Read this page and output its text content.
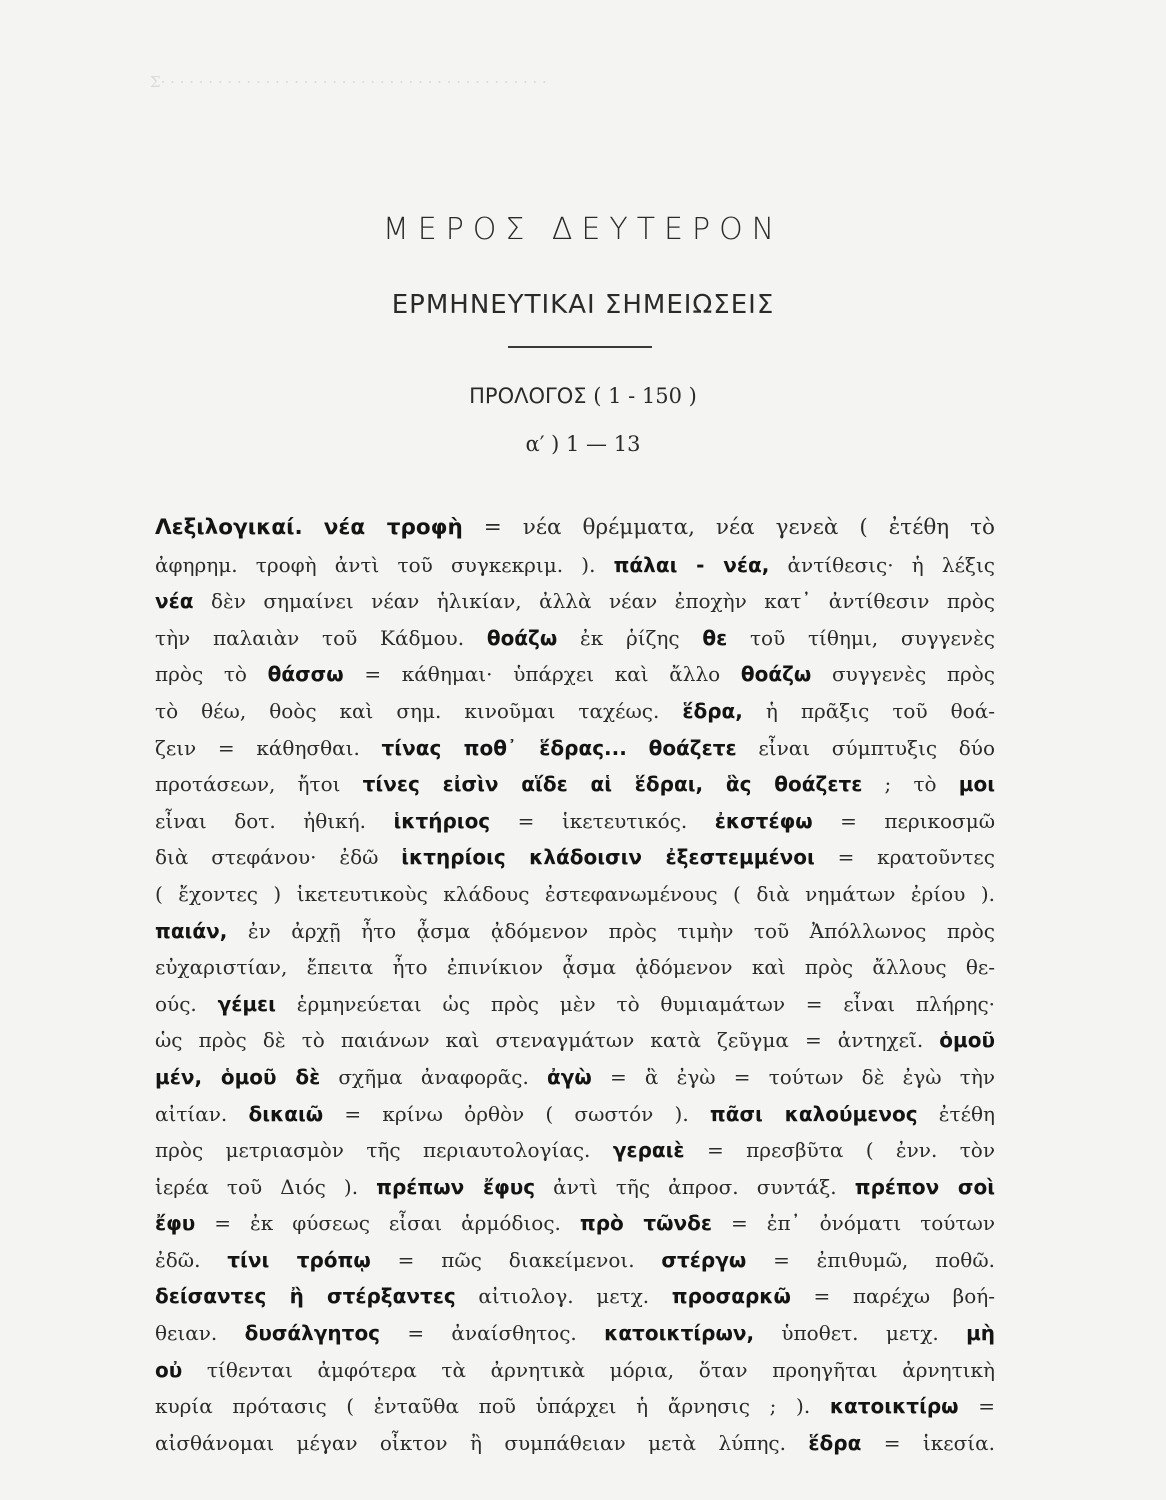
Σ· · · · · · · · · · · · · · · · · · · · · · · · · · · · · · · · · · · · · · · · ·
ΜΕΡΟΣ ΔΕΥΤΕΡΟΝ
ΕΡΜΗΝΕΥΤΙΚΑΙ ΣΗΜΕΙΩΣΕΙΣ
ΠΡΟΛΟΓΟΣ ( 1 - 150 )
α′ ) 1 — 13
Λεξιλογικαί. νέα τροφὴ = νέα θρέμματα, νέα γενεὰ ( ἐτέθη τὸ
ἀφηρημ. τροφὴ ἀντὶ τοῦ συγκεκριμ. ). πάλαι - νέα, ἀντίθεσις· ἡ λέξις
νέα δὲν σημαίνει νέαν ἡλικίαν, ἀλλὰ νέαν ἐποχὴν κατ᾿ ἀντίθεσιν πρὸς
τὴν παλαιὰν τοῦ Κάδμου. θοάζω ἐκ ῥίζης θε τοῦ τίθημι, συγγενὲς
πρὸς τὸ θάσσω = κάθημαι· ὑπάρχει καὶ ἄλλο θοάζω συγγενὲς πρὸς
τὸ θέω, θοὸς καὶ σημ. κινοῦμαι ταχέως. ἕδρα, ἡ πρᾶξις τοῦ θοά-
ζειν = κάθησθαι. τίνας ποθ᾿ ἕδρας... θοάζετε εἶναι σύμπτυξις δύο
προτάσεων, ἤτοι τίνες εἰσὶν αἵδε αἱ ἕδραι, ἃς θοάζετε ; τὸ μοι
εἶναι δοτ. ἠθική. ἱκτήριος = ἱκετευτικός. ἐκστέφω = περικοσμῶ
διὰ στεφάνου· ἐδῶ ἱκτηρίοις κλάδοισιν ἐξεστεμμένοι = κρατοῦντες
( ἔχοντες ) ἱκετευτικοὺς κλάδους ἐστεφανωμένους ( διὰ νημάτων ἐρίου ).
παιάν, ἐν ἀρχῇ ἦτο ᾆσμα ᾀδόμενον πρὸς τιμὴν τοῦ Ἀπόλλωνος πρὸς
εὐχαριστίαν, ἔπειτα ἦτο ἐπινίκιον ᾆσμα ᾀδόμενον καὶ πρὸς ἄλλους θε-
ούς. γέμει ἑρμηνεύεται ὡς πρὸς μὲν τὸ θυμιαμάτων = εἶναι πλήρης·
ὡς πρὸς δὲ τὸ παιάνων καὶ στεναγμάτων κατὰ ζεῦγμα = ἀντηχεῖ. ὁμοῦ
μέν, ὁμοῦ δὲ σχῆμα ἀναφορᾶς. ἀγὼ = ἃ ἐγὼ = τούτων δὲ ἐγὼ τὴν
αἰτίαν. δικαιῶ = κρίνω ὀρθὸν ( σωστόν ). πᾶσι καλούμενος ἐτέθη
πρὸς μετριασμὸν τῆς περιαυτολογίας. γεραιὲ = πρεσβῦτα ( ἐνν. τὸν
ἱερέα τοῦ Διός ). πρέπων ἔφυς ἀντὶ τῆς ἀπροσ. συντάξ. πρέπον σοὶ
ἔφυ = ἐκ φύσεως εἶσαι ἁρμόδιος. πρὸ τῶνδε = ἐπ᾿ ὀνόματι τούτων
ἐδῶ. τίνι τρόπῳ = πῶς διακείμενοι. στέργω = ἐπιθυμῶ, ποθῶ.
δείσαντες ἢ στέρξαντες αἰτιολογ. μετχ. προσαρκῶ = παρέχω βοή-
θειαν. δυσάλγητος = ἀναίσθητος. κατοικτίρων, ὑποθετ. μετχ. μὴ
οὐ τίθενται ἀμφότερα τὰ ἀρνητικὰ μόρια, ὅταν προηγῆται ἀρνητικὴ
κυρία πρότασις ( ἐνταῦθα ποῦ ὑπάρχει ἡ ἄρνησις ; ). κατοικτίρω =
αἰσθάνομαι μέγαν οἶκτον ἢ συμπάθειαν μετὰ λύπης. ἕδρα = ἱκεσία.
